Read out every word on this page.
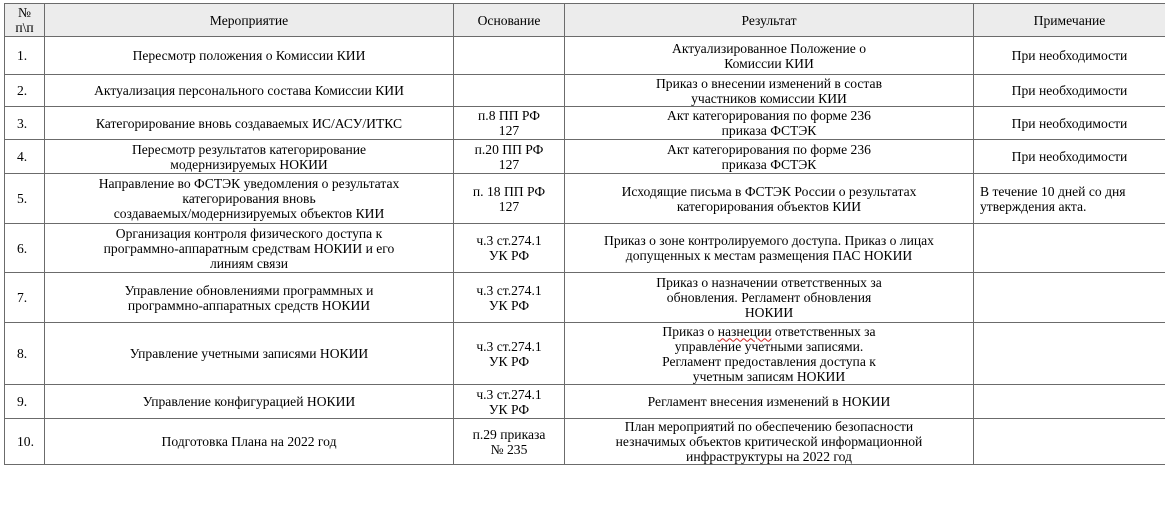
№
п\п	Мероприятие	Основание	Результат	Примечание
1.	Пересмотр положения о Комиссии КИИ		Актуализированное Положение о
Комиссии КИИ	При необходимости
2.	Актуализация персонального состава Комиссии КИИ		Приказ о внесении изменений в состав
участников комиссии КИИ	При необходимости
3.	Категорирование вновь создаваемых ИС/АСУ/ИТКС	п.8 ПП РФ
127	Акт категорирования по форме 236
приказа ФСТЭК	При необходимости
4.	Пересмотр результатов категорирование
модернизируемых НОКИИ	п.20 ПП РФ
127	Акт категорирования по форме 236
приказа ФСТЭК	При необходимости
5.	Направление во ФСТЭК уведомления о результатах
категорирования вновь
создаваемых/модернизируемых объектов КИИ	п. 18 ПП РФ
127	Исходящие письма в ФСТЭК России о результатах
категорирования объектов КИИ	В течение 10 дней со дня
утверждения акта.

6.	Организация контроля физического доступа к
программно-аппаратным средствам НОКИИ и его
линиям связи	ч.3 ст.274.1
УК РФ	Приказ о зоне контролируемого доступа. Приказ о лицах
допущенных к местам размещения ПАС НОКИИ	

7.	Управление обновлениями программных и
программно-аппаратных средств НОКИИ	ч.3 ст.274.1
УК РФ	Приказ о назначении ответственных за
обновления. Регламент обновления
НОКИИ	

8.	Управление учетными записями НОКИИ	ч.3 ст.274.1
УК РФ	Приказ о назнеции ответственных за
управление учетными записями.
Регламент предоставления доступа к
учетным записям НОКИИ	

9.	Управление конфигурацией НОКИИ	ч.3 ст.274.1
УК РФ	Регламент внесения изменений в НОКИИ	
10.	Подготовка Плана на 2022 год	п.29 приказа
№ 235	План мероприятий по обеспечению безопасности
незначимых объектов критической информационной
инфраструктуры на 2022 год	
